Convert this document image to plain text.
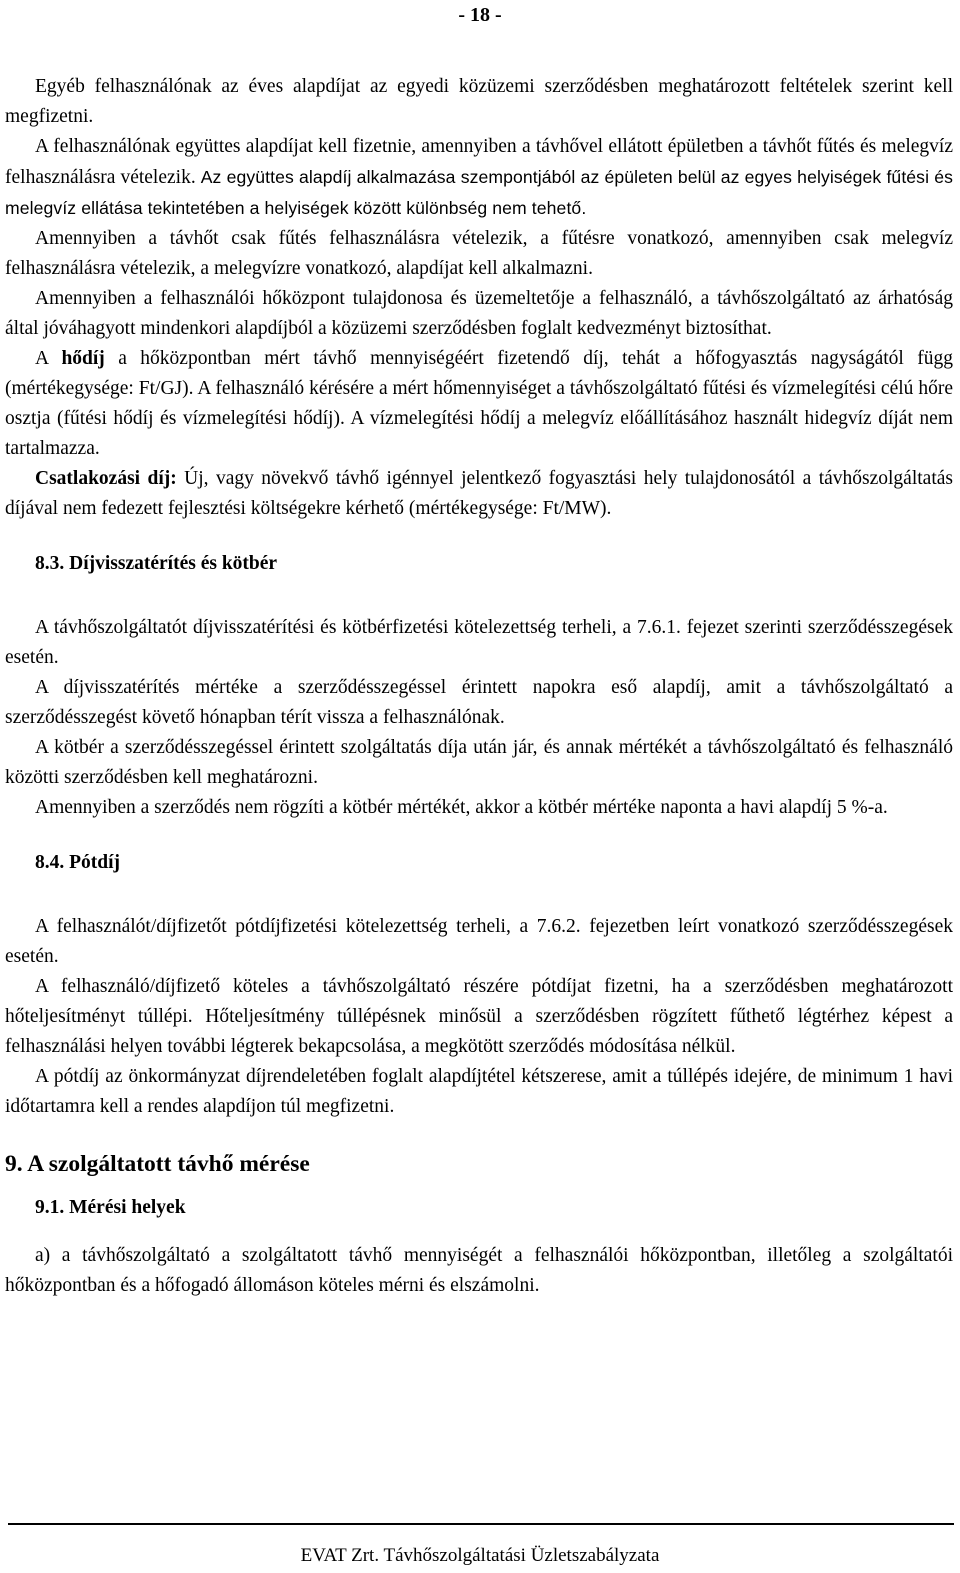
- 18 -

Egyéb felhasználónak az éves alapdíjat az egyedi közüzemi szerződésben meghatározott feltételek szerint kell megfizetni.

A felhasználónak együttes alapdíjat kell fizetnie, amennyiben a távhővel ellátott épületben a távhőt fűtés és melegvíz felhasználásra vételezik. Az együttes alapdíj alkalmazása szempontjából az épületen belül az egyes helyiségek fűtési és melegvíz ellátása tekintetében a helyiségek között különbség nem tehető.

Amennyiben a távhőt csak fűtés felhasználásra vételezik, a fűtésre vonatkozó, amennyiben csak melegvíz felhasználásra vételezik, a melegvízre vonatkozó, alapdíjat kell alkalmazni.

Amennyiben a felhasználói hőközpont tulajdonosa és üzemeltetője a felhasználó, a távhőszolgáltató az árhatóság által jóváhagyott mindenkori alapdíjból a közüzemi szerződésben foglalt kedvezményt biztosíthat.

A hődíj a hőközpontban mért távhő mennyiségéért fizetendő díj, tehát a hőfogyasztás nagyságától függ (mértékegysége: Ft/GJ). A felhasználó kérésére a mért hőmennyiséget a távhőszolgáltató fűtési és vízmelegítési célú hőre osztja (fűtési hődíj és vízmelegítési hődíj). A vízmelegítési hődíj a melegvíz előállításához használt hidegvíz díját nem tartalmazza.

Csatlakozási díj: Új, vagy növekvő távhő igénnyel jelentkező fogyasztási hely tulajdonosától a távhőszolgáltatás díjával nem fedezett fejlesztési költségekre kérhető (mértékegysége: Ft/MW).

8.3. Díjvisszatérítés és kötbér

A távhőszolgáltatót díjvisszatérítési és kötbérfizetési kötelezettség terheli, a 7.6.1. fejezet szerinti szerződésszegések esetén.

A díjvisszatérítés mértéke a szerződésszegéssel érintett napokra eső alapdíj, amit a távhőszolgáltató a szerződésszegést követő hónapban térít vissza a felhasználónak.

A kötbér a szerződésszegéssel érintett szolgáltatás díja után jár, és annak mértékét a távhőszolgáltató és felhasználó közötti szerződésben kell meghatározni.

Amennyiben a szerződés nem rögzíti a kötbér mértékét, akkor a kötbér mértéke naponta a havi alapdíj 5 %-a.

8.4. Pótdíj

A felhasználót/díjfizetőt pótdíjfizetési kötelezettség terheli, a 7.6.2. fejezetben leírt vonatkozó szerződésszegések esetén.

A felhasználó/díjfizető köteles a távhőszolgáltató részére pótdíjat fizetni, ha a szerződésben meghatározott hőteljesítményt túllépi. Hőteljesítmény túllépésnek minősül a szerződésben rögzített fűthető légtérhez képest a felhasználási helyen további légterek bekapcsolása, a megkötött szerződés módosítása nélkül.

A pótdíj az önkormányzat díjrendeletében foglalt alapdíjtétel kétszerese, amit a túllépés idejére, de minimum 1 havi időtartamra kell a rendes alapdíjon túl megfizetni.

9. A szolgáltatott távhő mérése

9.1. Mérési helyek

a) a távhőszolgáltató a szolgáltatott távhő mennyiségét a felhasználói hőközpontban, illetőleg a szolgáltatói hőközpontban és a hőfogadó állomáson köteles mérni és elszámolni.

EVAT Zrt. Távhőszolgáltatási Üzletszabályzata
